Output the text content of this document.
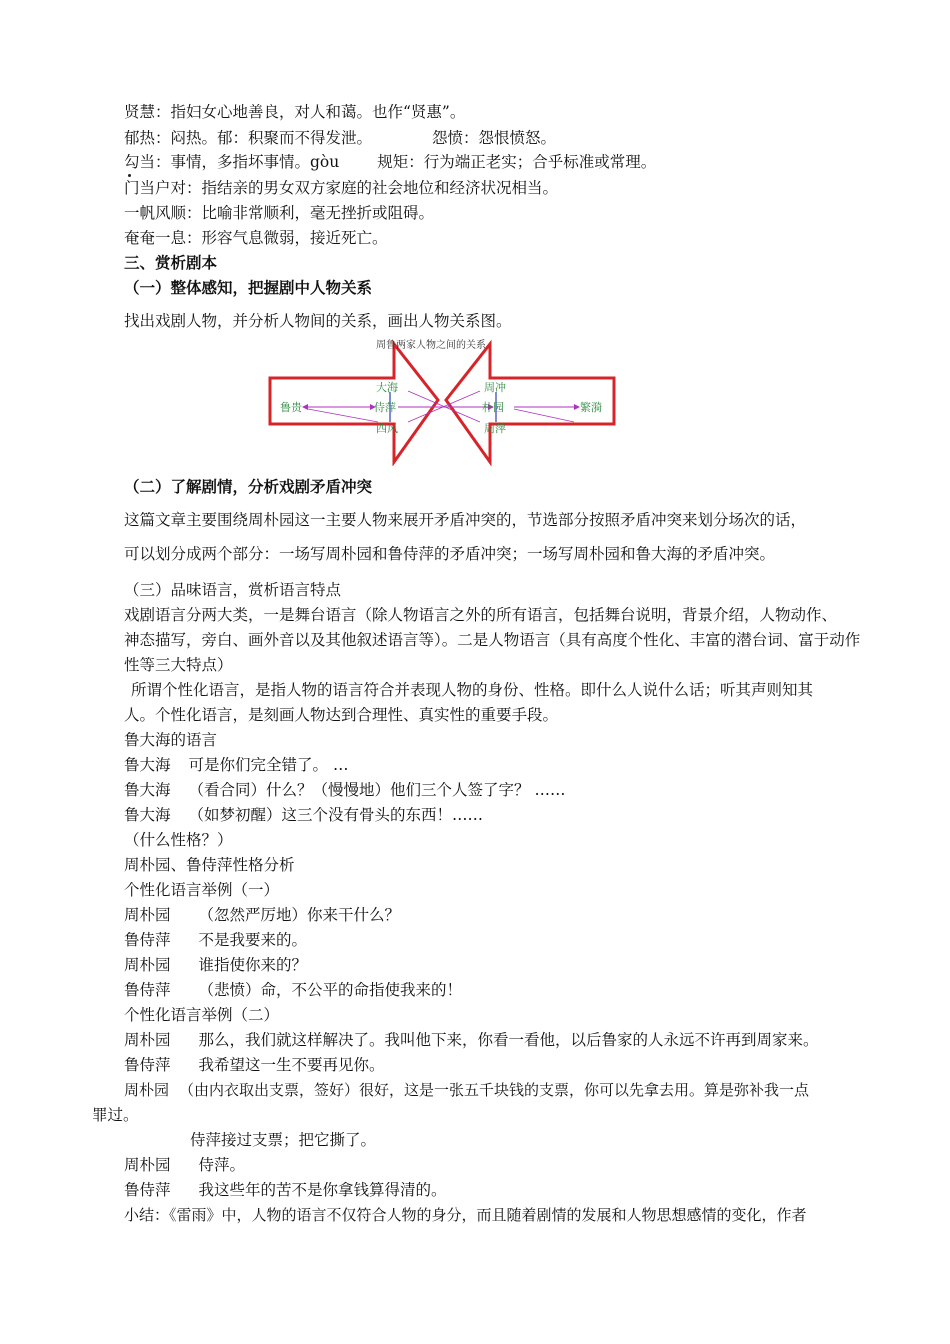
贤慧：指妇女心地善良，对人和蔼。也作“贤惠”。
郁热：闷热。郁：积聚而不得发泄。	怨愤：怨恨愤怒。
勾当：事情，多指坏事情。gòu 规矩：行为端正老实；合乎标准或常理。
门当户对：指结亲的男女双方家庭的社会地位和经济状况相当。
一帆风顺：比喻非常顺利，毫无挫折或阻碍。
奄奄一息：形容气息微弱，接近死亡。
三、赏析剧本
（一）整体感知，把握剧中人物关系
找出戏剧人物，并分析人物间的关系，画出人物关系图。
周鲁两家人物之间的关系
大海
侍萍
四风
鲁贵
周冲
朴园
周萍
繁漪
（二）了解剧情，分析戏剧矛盾冲突
这篇文章主要围绕周朴园这一主要人物来展开矛盾冲突的，节选部分按照矛盾冲突来划分场次的话，
可以划分成两个部分：一场写周朴园和鲁侍萍的矛盾冲突；一场写周朴园和鲁大海的矛盾冲突。
（三）品味语言，赏析语言特点
戏剧语言分两大类，一是舞台语言（除人物语言之外的所有语言，包括舞台说明，背景介绍，人物动作、
神态描写，旁白、画外音以及其他叙述语言等）。二是人物语言（具有高度个性化、丰富的潜台词、富于动作
性等三大特点）
所谓个性化语言，是指人物的语言符合并表现人物的身份、性格。即什么人说什么话；听其声则知其
人。个性化语言，是刻画人物达到合理性、真实性的重要手段。
鲁大海的语言
鲁大海 可是你们完全错了。 …
鲁大海 （看合同）什么？（慢慢地）他们三个人签了字？ ……
鲁大海 （如梦初醒）这三个没有骨头的东西！……
（什么性格？）
周朴园、鲁侍萍性格分析
个性化语言举例（一）
周朴园 （忽然严厉地）你来干什么？
鲁侍萍 不是我要来的。
周朴园 谁指使你来的？
鲁侍萍 （悲愤）命，不公平的命指使我来的！
个性化语言举例（二）
周朴园 那么，我们就这样解决了。我叫他下来，你看一看他，以后鲁家的人永远不许再到周家来。
鲁侍萍 我希望这一生不要再见你。
周朴园 （由内衣取出支票，签好）很好，这是一张五千块钱的支票，你可以先拿去用。算是弥补我一点
罪过。
侍萍接过支票；把它撕了。
周朴园 侍萍。
鲁侍萍 我这些年的苦不是你拿钱算得清的。
小结：《雷雨》中，人物的语言不仅符合人物的身分，而且随着剧情的发展和人物思想感情的变化，作者
